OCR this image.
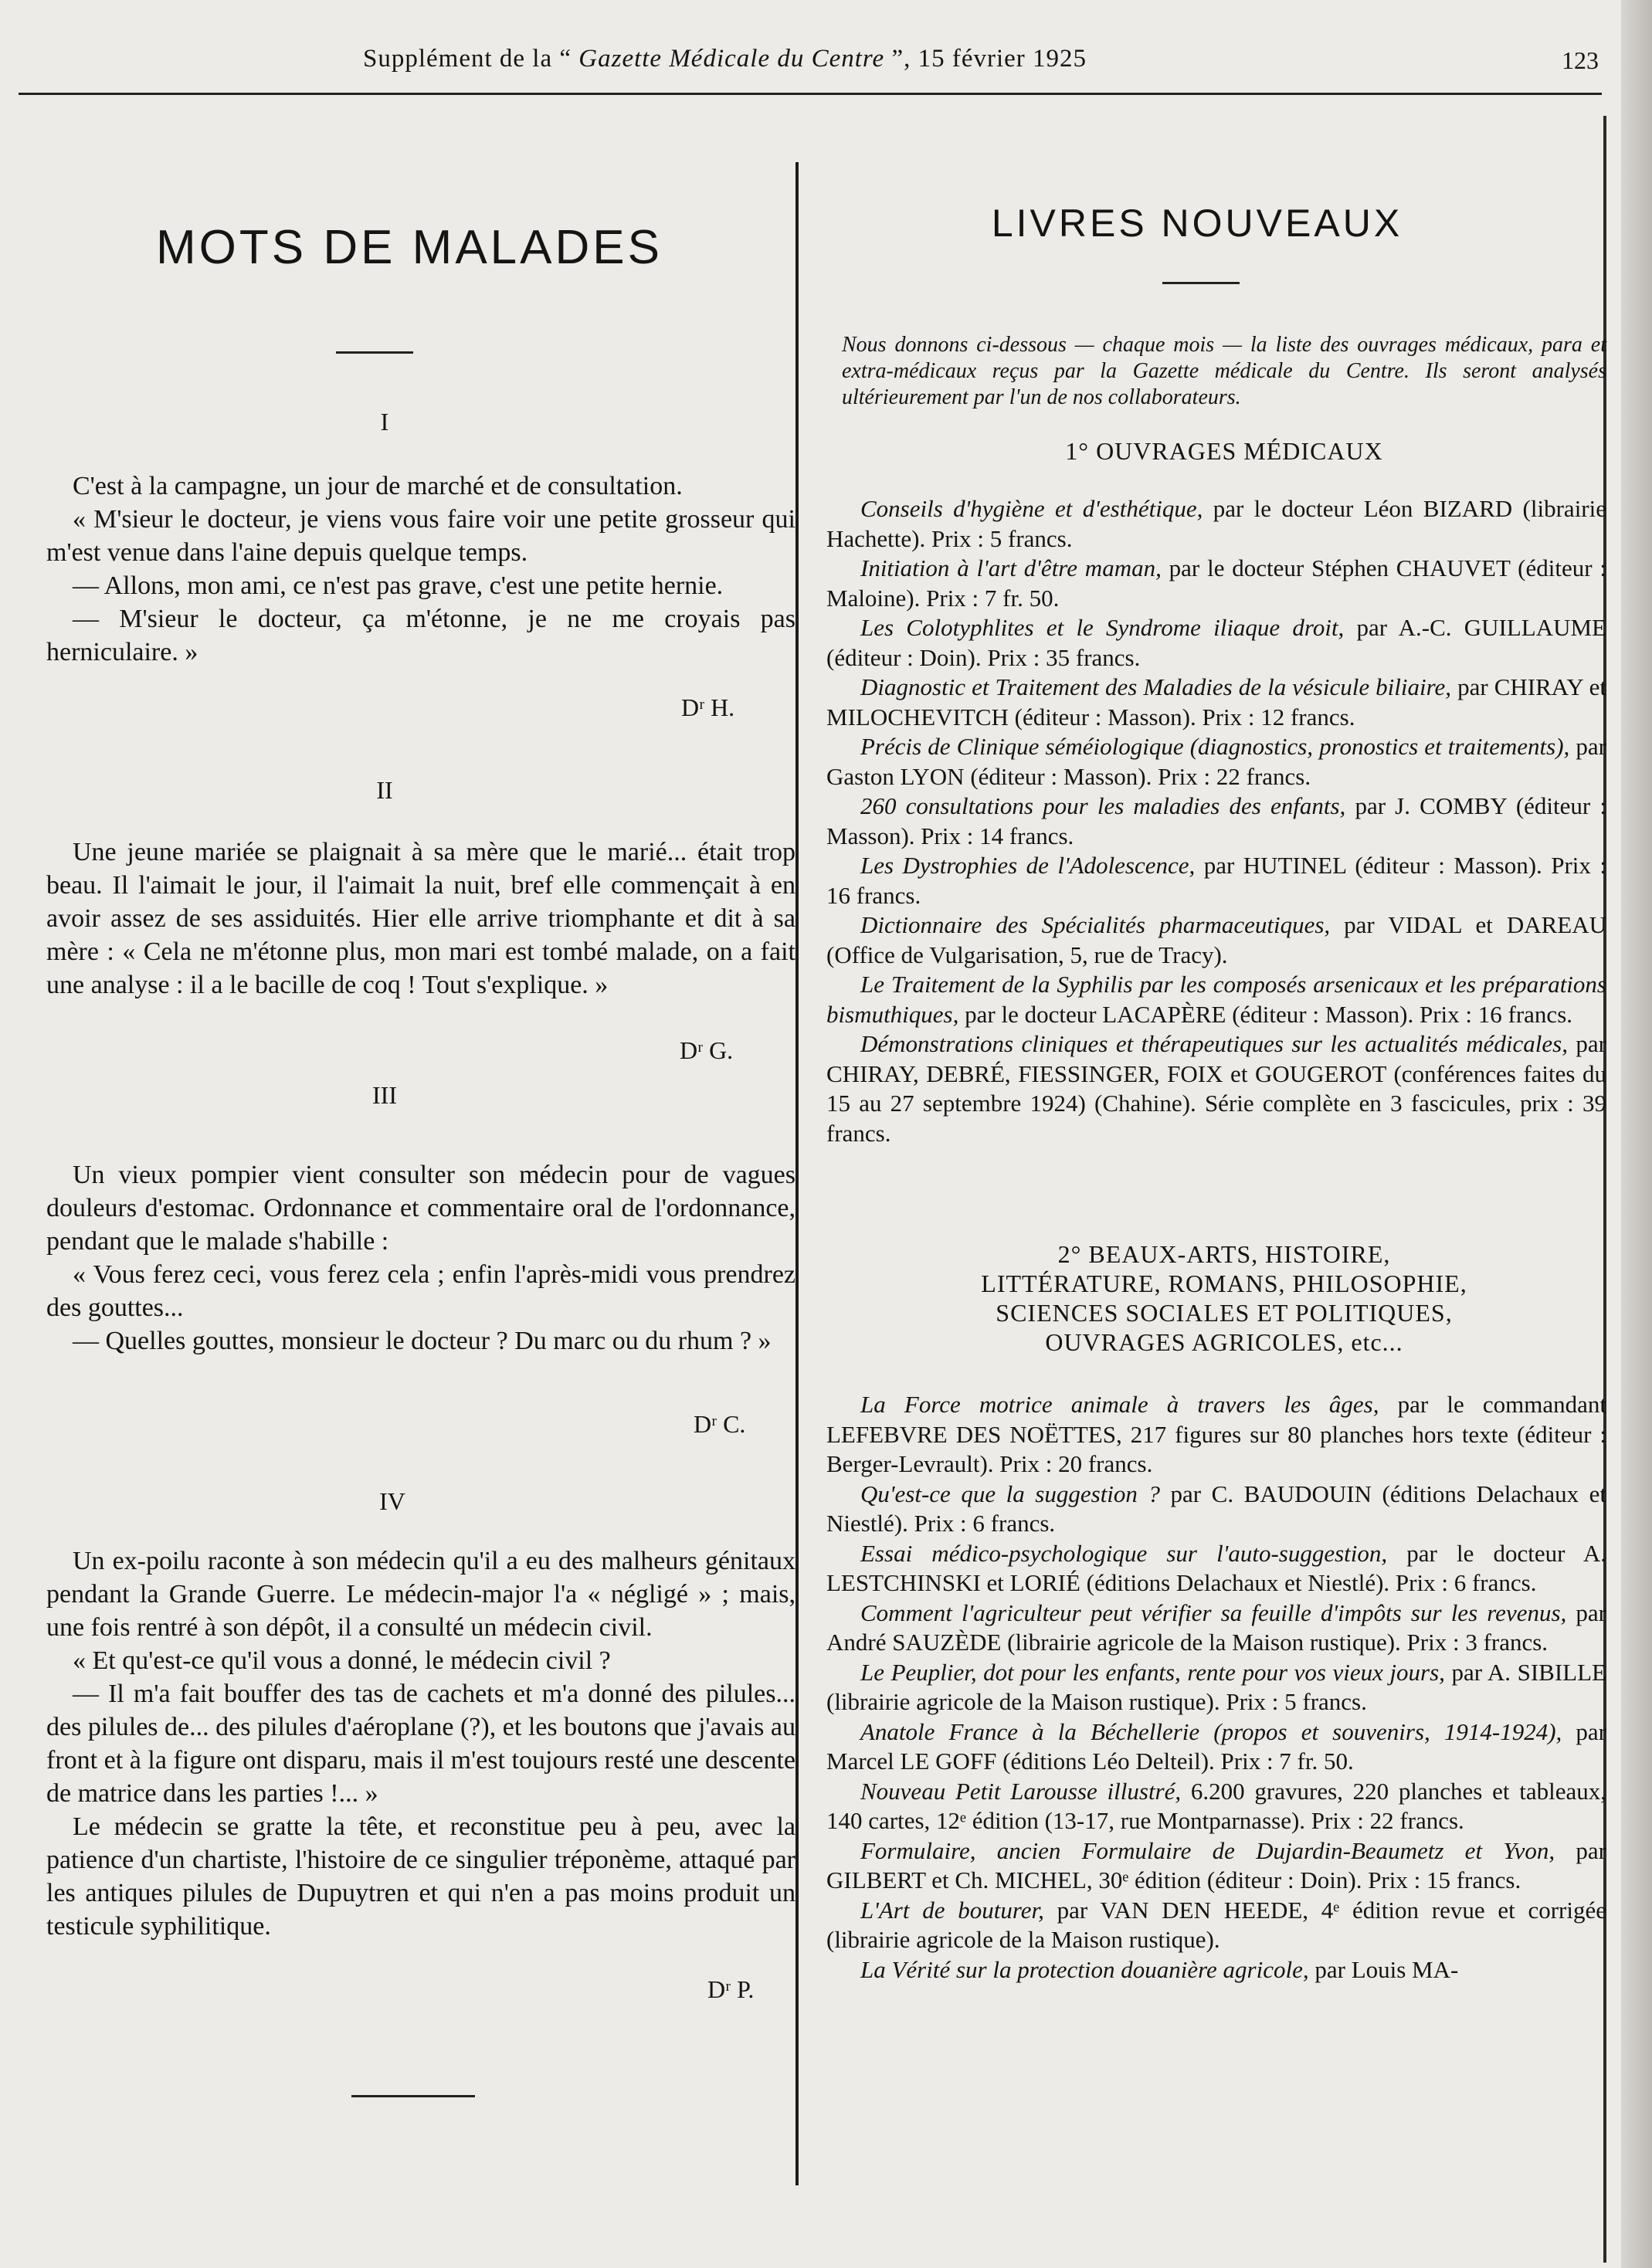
Supplément de la “ Gazette Médicale du Centre ”, 15 février 1925	123
MOTS DE MALADES
I

C'est à la campagne, un jour de marché et de consultation.

« M'sieur le docteur, je viens vous faire voir une petite grosseur qui m'est venue dans l'aine depuis quelque temps.

— Allons, mon ami, ce n'est pas grave, c'est une petite hernie.

— M'sieur le docteur, ça m'étonne, je ne me croyais pas herniculaire. »

Dʳ H.
II

Une jeune mariée se plaignait à sa mère que le marié... était trop beau. Il l'aimait le jour, il l'aimait la nuit, bref elle commençait à en avoir assez de ses assiduités. Hier elle arrive triomphante et dit à sa mère : « Cela ne m'étonne plus, mon mari est tombé malade, on a fait une analyse : il a le bacille de coq ! Tout s'explique. »

Dʳ G.
III

Un vieux pompier vient consulter son médecin pour de vagues douleurs d'estomac. Ordonnance et commentaire oral de l'ordonnance, pendant que le malade s'habille :

« Vous ferez ceci, vous ferez cela ; enfin l'après-midi vous prendrez des gouttes...

— Quelles gouttes, monsieur le docteur ? Du marc ou du rhum ? »

Dʳ C.
IV

Un ex-poilu raconte à son médecin qu'il a eu des malheurs génitaux pendant la Grande Guerre. Le médecin-major l'a « négligé » ; mais, une fois rentré à son dépôt, il a consulté un médecin civil.

« Et qu'est-ce qu'il vous a donné, le médecin civil ?

— Il m'a fait bouffer des tas de cachets et m'a donné des pilules... des pilules de... des pilules d'aéroplane (?), et les boutons que j'avais au front et à la figure ont disparu, mais il m'est toujours resté une descente de matrice dans les parties !... »

Le médecin se gratte la tête, et reconstitue peu à peu, avec la patience d'un chartiste, l'histoire de ce singulier tréponème, attaqué par les antiques pilules de Dupuytren et qui n'en a pas moins produit un testicule syphilitique.

Dʳ P.
LIVRES NOUVEAUX
Nous donnons ci-dessous — chaque mois — la liste des ouvrages médicaux, para et extra-médicaux reçus par la Gazette médicale du Centre. Ils seront analysés ultérieurement par l'un de nos collaborateurs.
1° OUVRAGES MÉDICAUX

Conseils d'hygiène et d'esthétique, par le docteur Léon BIZARD (librairie Hachette). Prix : 5 francs.

Initiation à l'art d'être maman, par le docteur Stéphen CHAUVET (éditeur : Maloine). Prix : 7 fr. 50.

Les Colotyphlites et le Syndrome iliaque droit, par A.-C. GUILLAUME (éditeur : Doin). Prix : 35 francs.

Diagnostic et Traitement des Maladies de la vésicule biliaire, par CHIRAY et MILOCHEVITCH (éditeur : Masson). Prix : 12 francs.

Précis de Clinique séméiologique (diagnostics, pronostics et traitements), par Gaston LYON (éditeur : Masson). Prix : 22 francs.

260 consultations pour les maladies des enfants, par J. COMBY (éditeur : Masson). Prix : 14 francs.

Les Dystrophies de l'Adolescence, par HUTINEL (éditeur : Masson). Prix : 16 francs.

Dictionnaire des Spécialités pharmaceutiques, par VIDAL et DAREAU (Office de Vulgarisation, 5, rue de Tracy).

Le Traitement de la Syphilis par les composés arsenicaux et les préparations bismuthiques, par le docteur LACAPÈRE (éditeur : Masson). Prix : 16 francs.

Démonstrations cliniques et thérapeutiques sur les actualités médicales, par CHIRAY, DEBRÉ, FIESSINGER, FOIX et GOUGEROT (conférences faites du 15 au 27 septembre 1924) (Chahine). Série complète en 3 fascicules, prix : 39 francs.

2° BEAUX-ARTS, HISTOIRE,
LITTÉRATURE, ROMANS, PHILOSOPHIE,
SCIENCES SOCIALES ET POLITIQUES,
OUVRAGES AGRICOLES, etc...

La Force motrice animale à travers les âges, par le commandant LEFEBVRE DES NOËTTES, 217 figures sur 80 planches hors texte (éditeur : Berger-Levrault). Prix : 20 francs.

Qu'est-ce que la suggestion ? par C. BAUDOUIN (éditions Delachaux et Niestlé). Prix : 6 francs.

Essai médico-psychologique sur l'auto-suggestion, par le docteur A. LESTCHINSKI et LORIÉ (éditions Delachaux et Niestlé). Prix : 6 francs.

Comment l'agriculteur peut vérifier sa feuille d'impôts sur les revenus, par André SAUZÈDE (librairie agricole de la Maison rustique). Prix : 3 francs.

Le Peuplier, dot pour les enfants, rente pour vos vieux jours, par A. SIBILLE (librairie agricole de la Maison rustique). Prix : 5 francs.

Anatole France à la Béchellerie (propos et souvenirs, 1914-1924), par Marcel LE GOFF (éditions Léo Delteil). Prix : 7 fr. 50.

Nouveau Petit Larousse illustré, 6.200 gravures, 220 planches et tableaux, 140 cartes, 12ᵉ édition (13-17, rue Montparnasse). Prix : 22 francs.

Formulaire, ancien Formulaire de Dujardin-Beaumetz et Yvon, par GILBERT et Ch. MICHEL, 30ᵉ édition (éditeur : Doin). Prix : 15 francs.

L'Art de bouturer, par VAN DEN HEEDE, 4ᵉ édition revue et corrigée (librairie agricole de la Maison rustique).

La Vérité sur la protection douanière agricole, par Louis MA-
